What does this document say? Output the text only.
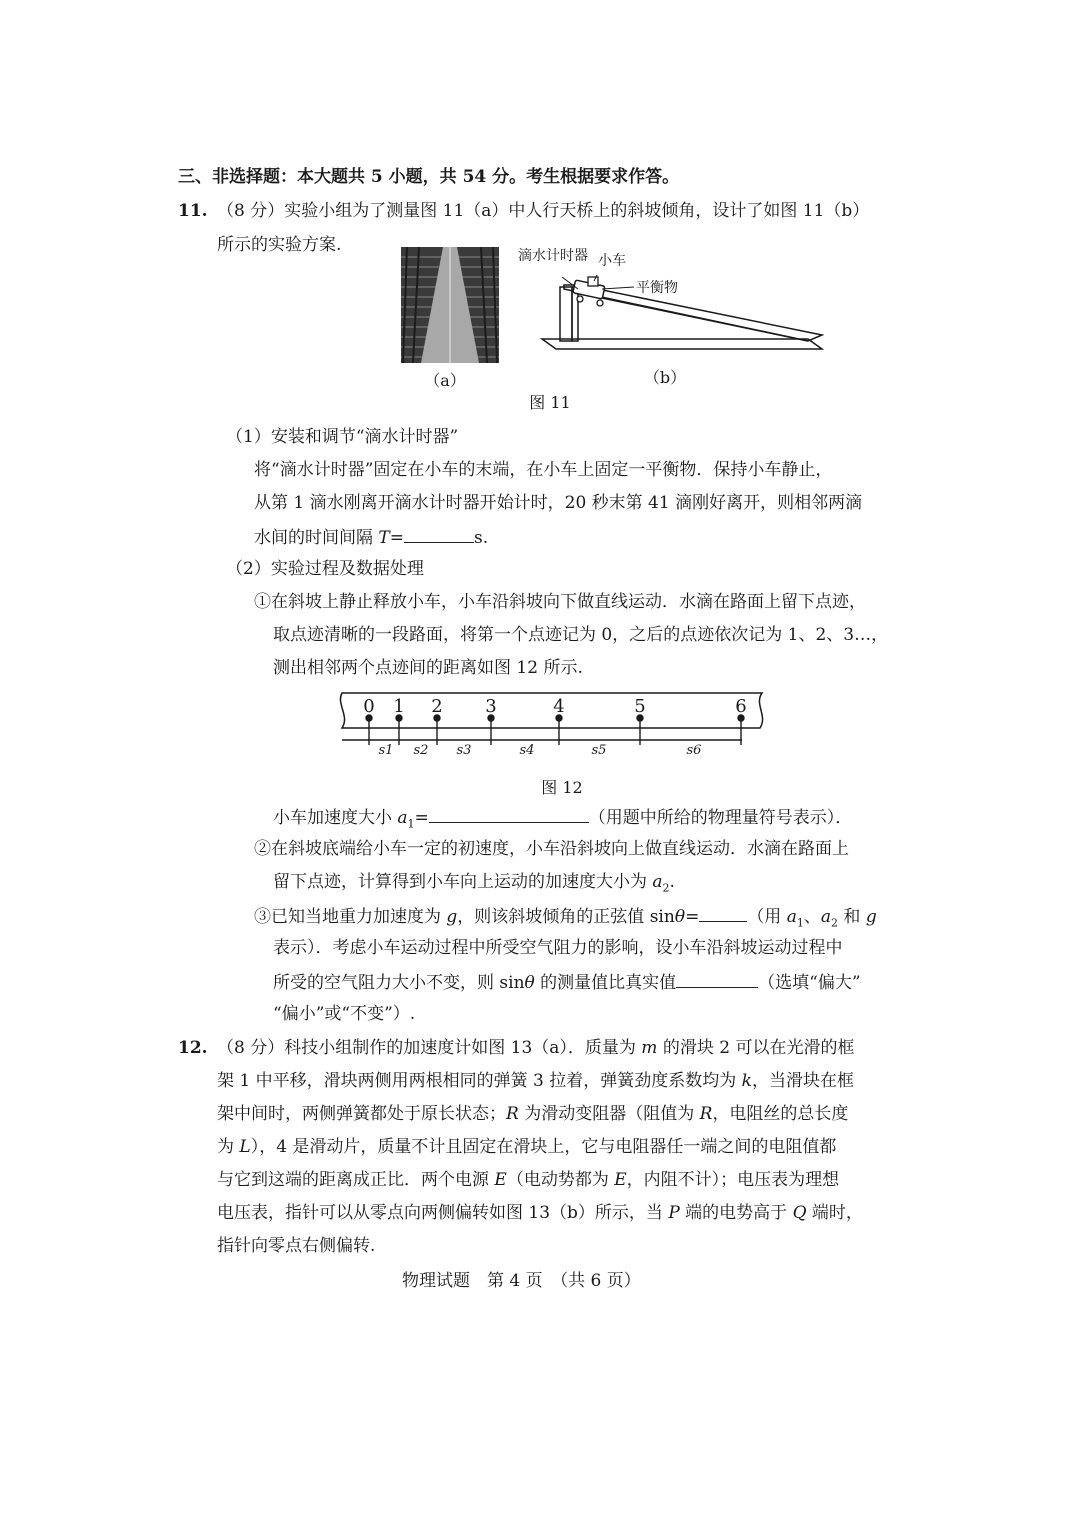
三、非选择题：本大题共 5 小题，共 54 分。考生根据要求作答。
11. （8 分）实验小组为了测量图 11（a）中人行天桥上的斜坡倾角，设计了如图 11（b）
所示的实验方案.
（a）
滴水计时器 小车
平衡物
（b）
图 11
（1）安装和调节“滴水计时器”
将“滴水计时器”固定在小车的末端，在小车上固定一平衡物．保持小车静止，
从第 1 滴水刚离开滴水计时器开始计时，20 秒末第 41 滴刚好离开，则相邻两滴
水间的时间间隔 T=	s.
（2）实验过程及数据处理
①在斜坡上静止释放小车，小车沿斜坡向下做直线运动．水滴在路面上留下点迹，
取点迹清晰的一段路面，将第一个点迹记为 0，之后的点迹依次记为 1、2、3…，
测出相邻两个点迹间的距离如图 12 所示.
0 1 2 3	4	5	6
s1 s2 s3	s4	s5	s6
图 12
小车加速度大小 $a_1=$	（用题中所给的物理量符号表示）．
②在斜坡底端给小车一定的初速度，小车沿斜坡向上做直线运动．水滴在路面上
留下点迹，计算得到小车向上运动的加速度大小为 $a_2$.
③已知当地重力加速度为 g，则该斜坡倾角的正弦值 sinθ=	（用 $a_1$、$a_2$ 和 g
表示）．考虑小车运动过程中所受空气阻力的影响，设小车沿斜坡运动过程中
所受的空气阻力大小不变，则 sinθ 的测量值比真实值	（选填“偏大”
“偏小”或“不变”）.
12. （8 分）科技小组制作的加速度计如图 13（a）．质量为 m 的滑块 2 可以在光滑的框
架 1 中平移，滑块两侧用两根相同的弹簧 3 拉着，弹簧劲度系数均为 k，当滑块在框
架中间时，两侧弹簧都处于原长状态；R 为滑动变阻器（阻值为 R，电阻丝的总长度
为 L），4 是滑动片，质量不计且固定在滑块上，它与电阻器任一端之间的电阻值都
与它到这端的距离成正比．两个电源 E（电动势都为 E，内阻不计）；电压表为理想
电压表，指针可以从零点向两侧偏转如图 13（b）所示，当 P 端的电势高于 Q 端时，
指针向零点右侧偏转.
物理试题　第 4 页　（共 6 页）
